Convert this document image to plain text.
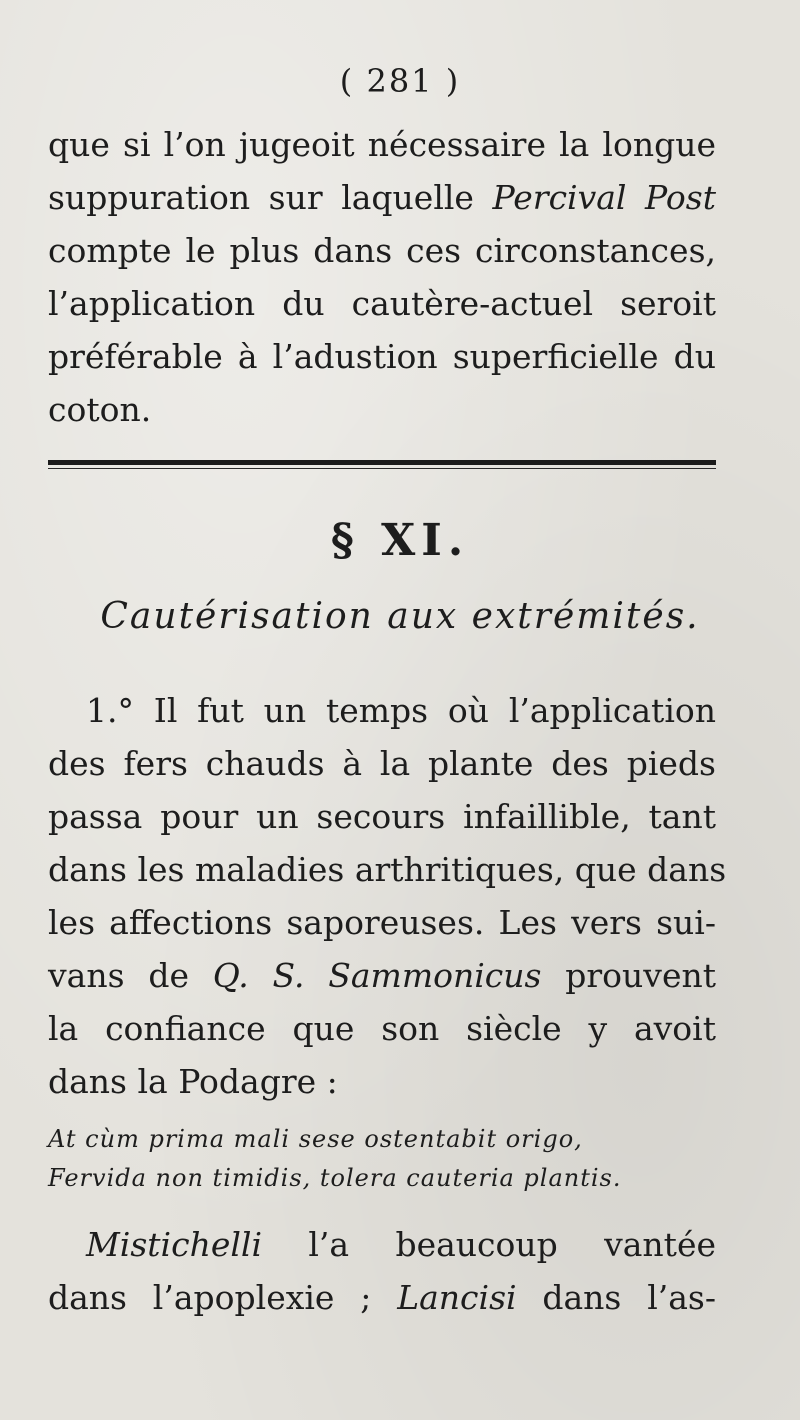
( 281 )
que si l’on jugeoit nécessaire la longue
suppuration sur laquelle Percival Post
compte le plus dans ces circonstances,
l’application du cautère-actuel seroit
préférable à l’adustion superficielle du
coton.
§ XI.
Cautérisation aux extrémités.
1.° Il fut un temps où l’application
des fers chauds à la plante des pieds
passa pour un secours infaillible, tant
dans les maladies arthritiques, que dans
les affections saporeuses. Les vers sui-
vans de Q. S. Sammonicus prouvent
la confiance que son siècle y avoit
dans la Podagre :
At cùm prima mali sese ostentabit origo,
Fervida non timidis, tolera cauteria plantis.
Mistichelli l’a beaucoup vantée
dans l’apoplexie ; Lancisi dans l’as-
